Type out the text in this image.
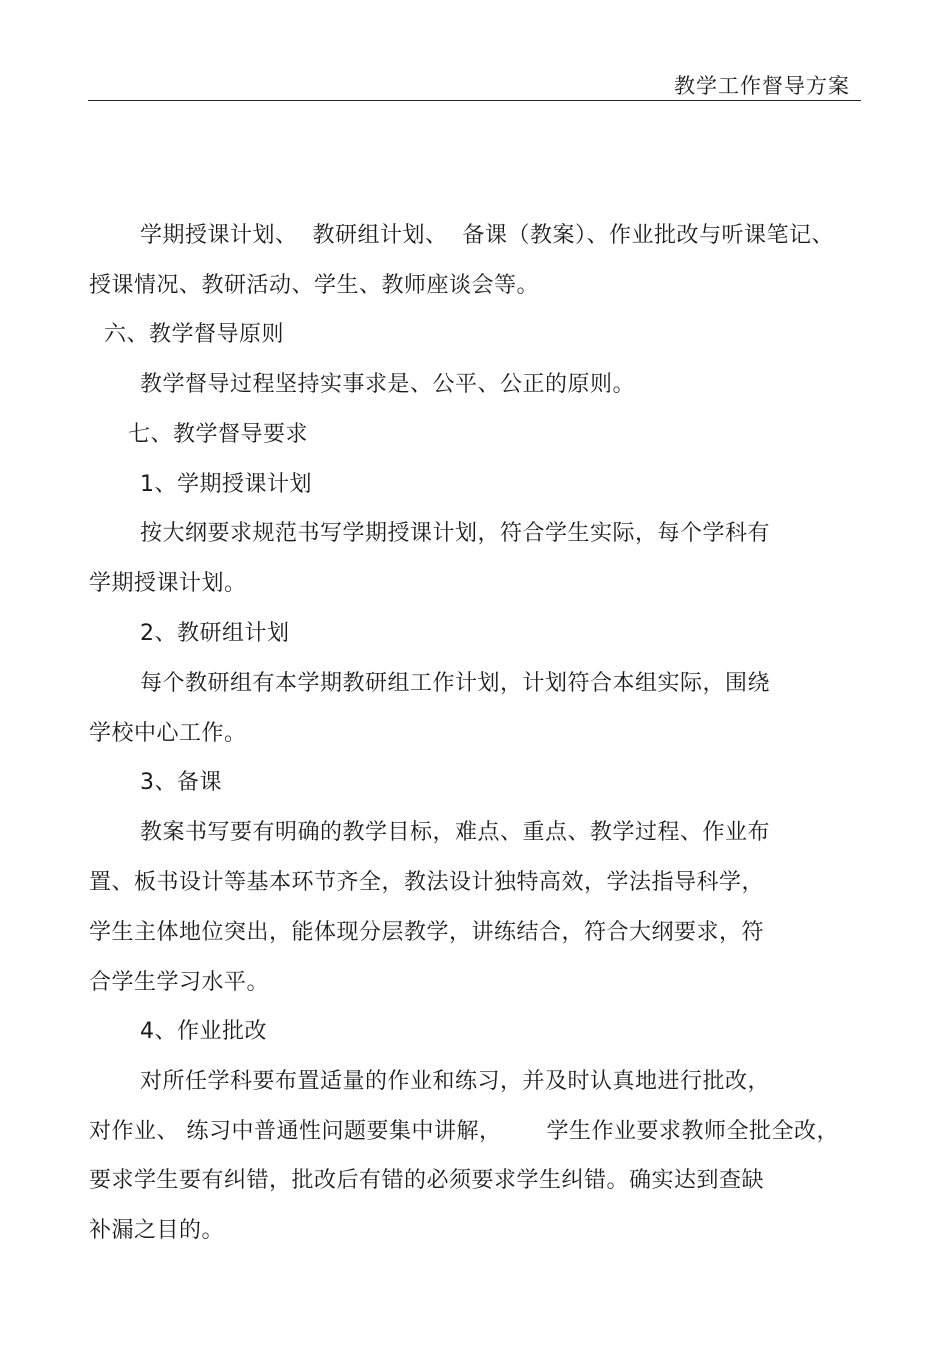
教学工作督导方案
学期授课计划、  教研组计划、  备课（教案）、作业批改与听课笔记、
授课情况、教研活动、学生、教师座谈会等。
六、教学督导原则
教学督导过程坚持实事求是、公平、公正的原则。
七、教学督导要求
1、学期授课计划
按大纲要求规范书写学期授课计划，符合学生实际，每个学科有
学期授课计划。
2、教研组计划
每个教研组有本学期教研组工作计划，计划符合本组实际，围绕
学校中心工作。
3、备课
教案书写要有明确的教学目标，难点、重点、教学过程、作业布
置、板书设计等基本环节齐全，教法设计独特高效，学法指导科学，
学生主体地位突出，能体现分层教学，讲练结合，符合大纲要求，符
合学生学习水平。
4、作业批改
对所任学科要布置适量的作业和练习，并及时认真地进行批改，
对作业、 练习中普通性问题要集中讲解，      学生作业要求教师全批全改，
要求学生要有纠错，批改后有错的必须要求学生纠错。确实达到查缺
补漏之目的。
